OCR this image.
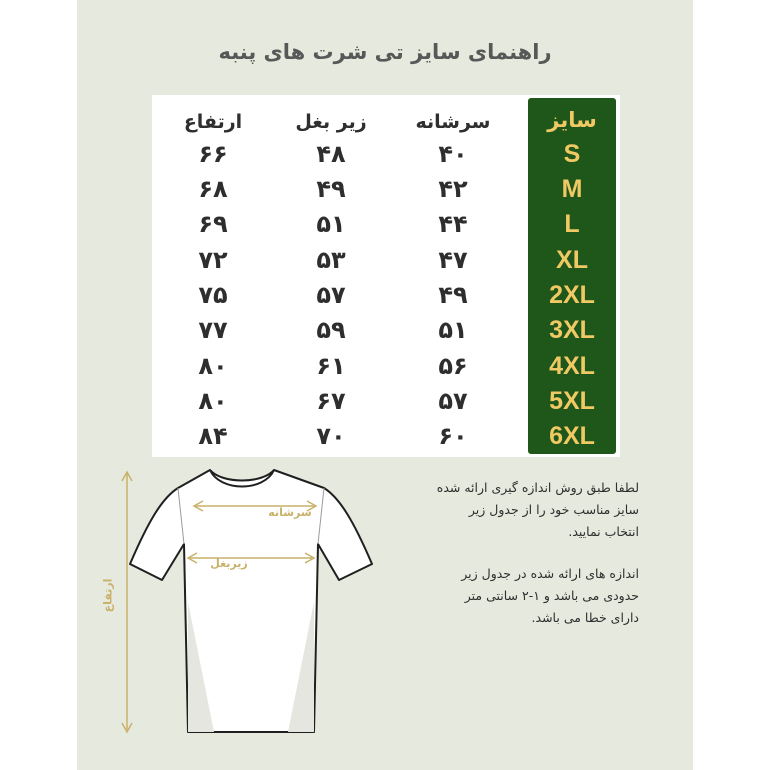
راهنمای سایز تی شرت های پنبه
سایز
سرشانه
زیر بغل
ارتفاع
S
۴۰
۴۸
۶۶
M
۴۲
۴۹
۶۸
L
۴۴
۵۱
۶۹
XL
۴۷
۵۳
۷۲
2XL
۴۹
۵۷
۷۵
3XL
۵۱
۵۹
۷۷
4XL
۵۶
۶۱
۸۰
5XL
۵۷
۶۷
۸۰
6XL
۶۰
۷۰
۸۴
سرشانه
زیربغل
ارتفاع
لطفا طبق روش اندازه گیری ارائه شده
سایز مناسب خود را از جدول زیر
انتخاب نمایید.
اندازه های ارائه شده در جدول زیر
حدودی می باشد و ۱-۲ سانتی متر
دارای خطا می باشد.
